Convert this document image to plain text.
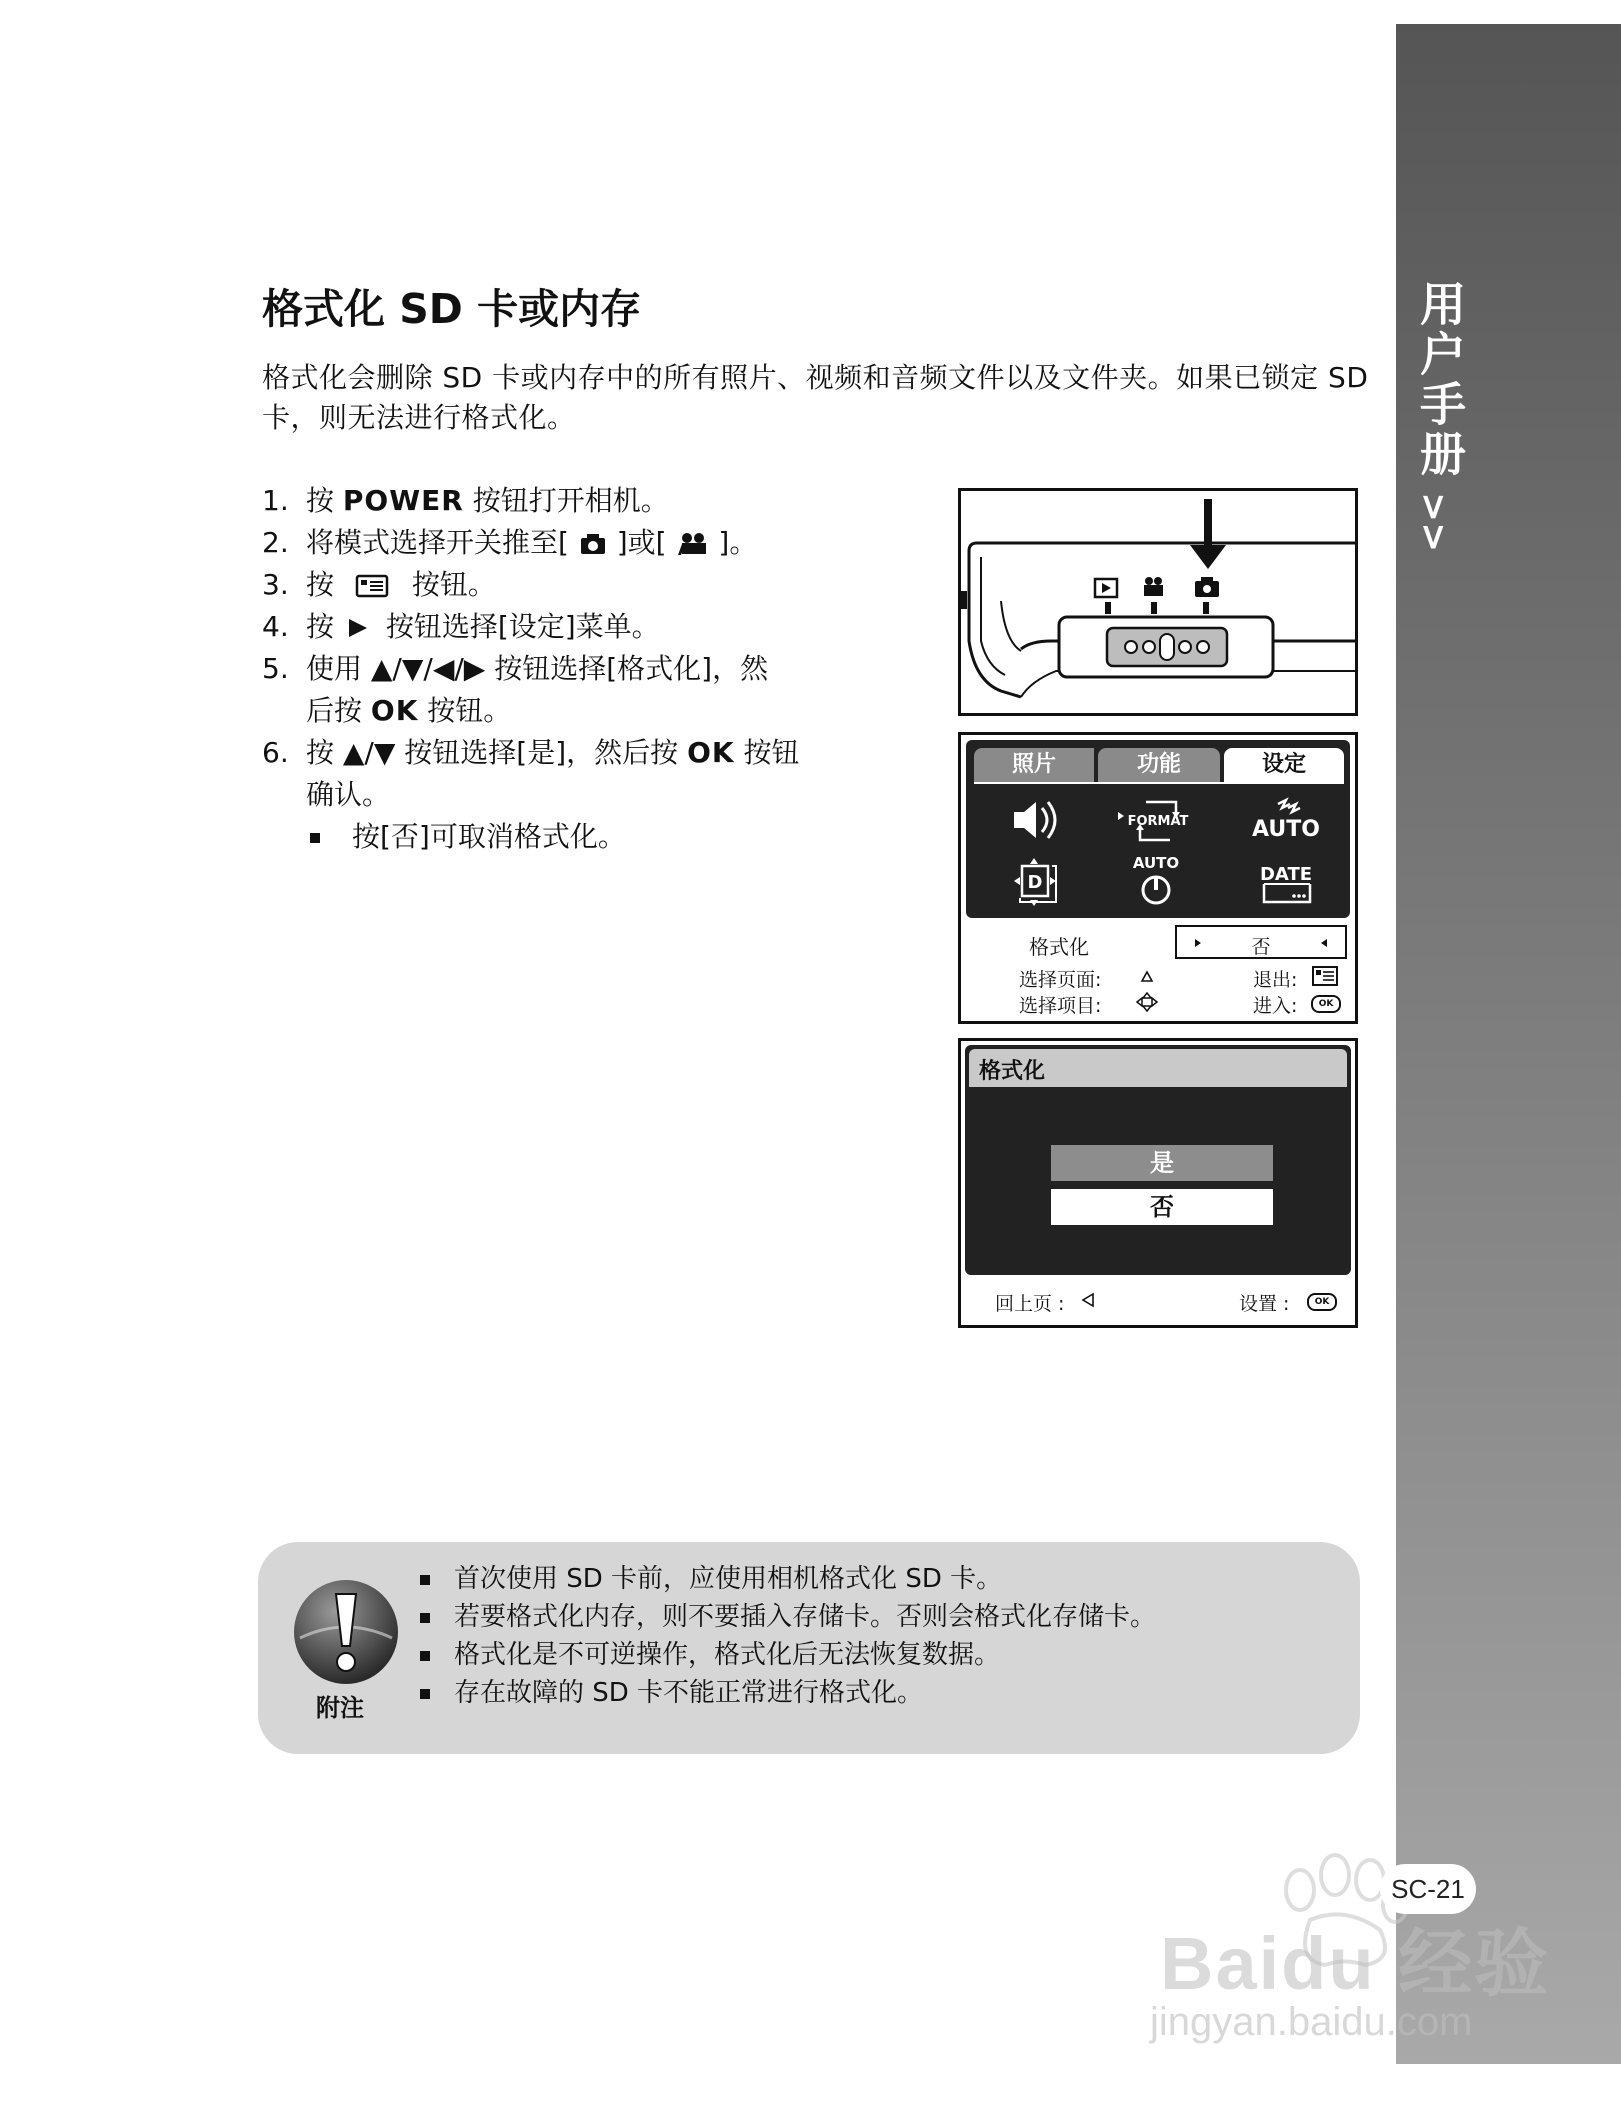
用户手册
>>
Baidu 经验
jingyan.baidu.com
SC-21
格式化 SD 卡或内存
格式化会删除 SD 卡或内存中的所有照片、视频和音频文件以及文件夹。如果已锁定 SD 卡，则无法进行格式化。
1. 按 POWER 按钮打开相机。
2. 将模式选择开关推至[ ]或[ ]。
3. 按	按钮。
4. 按 按钮选择[设定]菜单。
5. 使用 ▲/▼/◀/▶ 按钮选择[格式化]，然
后按 OK 按钮。
6. 按 ▲/▼ 按钮选择[是]，然后按 OK 按钮
确认。
按[否]可取消格式化。
照片	功能	设定
FORMAT	AUTO
D
AUTO
DATE
格式化	否
选择页面:
选择项目:
退出:
进入:	OK
格式化
是
否
回上页 :	设置 :	OK
附注
首次使用 SD 卡前，应使用相机格式化 SD 卡。
若要格式化内存，则不要插入存储卡。否则会格式化存储卡。
格式化是不可逆操作，格式化后无法恢复数据。
存在故障的 SD 卡不能正常进行格式化。
